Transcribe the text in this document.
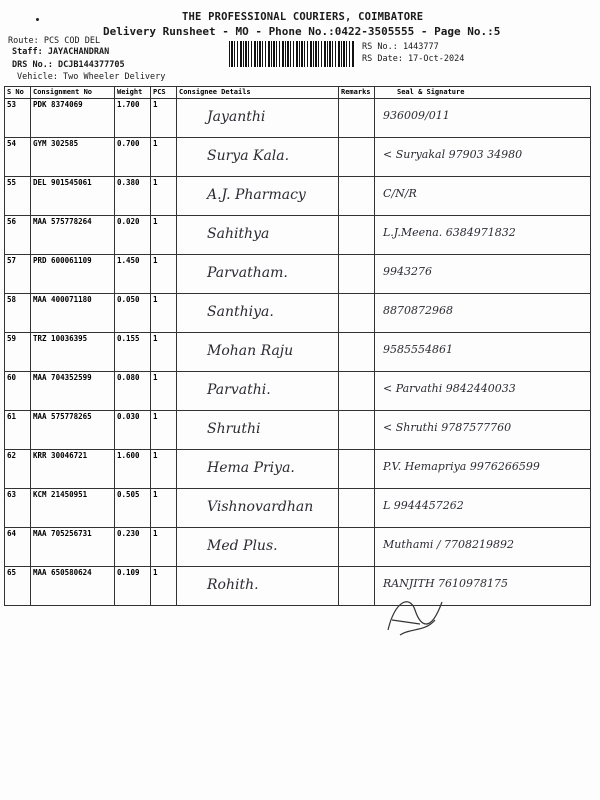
THE PROFESSIONAL COURIERS, COIMBATORE
Delivery Runsheet - MO - Phone No.:0422-3505555 - Page No.:5
Route: PCS COD DEL
Staff: JAYACHANDRAN
DRS No.: DCJB144377705
Vehicle: Two Wheeler Delivery
RS No.: 1443777
RS Date: 17-Oct-2024
S No	Consignment No	Weight	PCS	Consignee Details	Remarks	Seal & Signature
53	PDK 8374069	1.700	1	Jayanthi		936009/011

54	GYM 302585	0.700	1	Surya Kala.		< Suryakal 97903 34980

55	DEL 901545061	0.380	1	A.J. Pharmacy		C/N/R

56	MAA 575778264	0.020	1	Sahithya		L.J.Meena. 6384971832

57	PRD 600061109	1.450	1	Parvatham.		9943276

58	MAA 400071180	0.050	1	Santhiya.		8870872968

59	TRZ 10036395	0.155	1	Mohan Raju		9585554861

60	MAA 704352599	0.080	1	Parvathi.		< Parvathi 9842440033

61	MAA 575778265	0.030	1	Shruthi		< Shruthi 9787577760

62	KRR 30046721	1.600	1	Hema Priya.		P.V. Hemapriya 9976266599

63	KCM 21450951	0.505	1	Vishnovardhan		L 9944457262

64	MAA 705256731	0.230	1	Med Plus.		Muthami / 7708219892

65	MAA 650580624	0.109	1	Rohith.		RANJITH 7610978175
